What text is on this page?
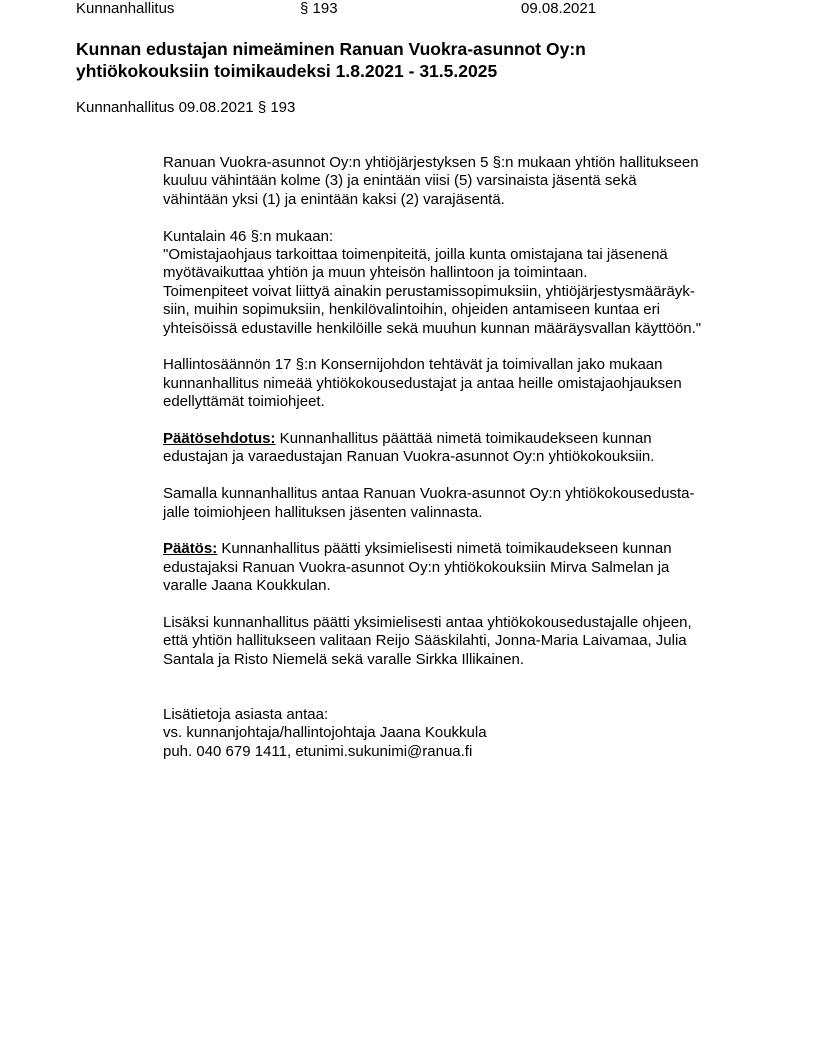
Kunnanhallitus	§ 193	09.08.2021
Kunnan edustajan nimeäminen Ranuan Vuokra-asunnot Oy:n
yhtiökokouksiin toimikaudeksi 1.8.2021 - 31.5.2025
Kunnanhallitus 09.08.2021 § 193

Ranuan Vuokra-asunnot Oy:n yhtiöjärjestyksen 5 §:n mukaan yhtiön hallitukseen
kuuluu vähintään kolme (3) ja enintään viisi (5) varsinaista jäsentä sekä
vähintään yksi (1) ja enintään kaksi (2) varajäsentä.

Kuntalain 46 §:n mukaan:
"Omistajaohjaus tarkoittaa toimenpiteitä, joilla kunta omistajana tai jäsenenä
myötävaikuttaa yhtiön ja muun yhteisön hallintoon ja toimintaan.
Toimenpiteet voivat liittyä ainakin perustamissopimuksiin, yhtiöjärjestysmääräyk-
siin, muihin sopimuksiin, henkilövalintoihin, ohjeiden antamiseen kuntaa eri
yhteisöissä edustaville henkilöille sekä muuhun kunnan määräysvallan käyttöön."

Hallintosäännön 17 §:n Konsernijohdon tehtävät ja toimivallan jako mukaan
kunnanhallitus nimeää yhtiökokousedustajat ja antaa heille omistajaohjauksen
edellyttämät toimiohjeet.

Päätösehdotus: Kunnanhallitus päättää nimetä toimikaudekseen kunnan
edustajan ja varaedustajan Ranuan Vuokra-asunnot Oy:n yhtiökokouksiin.

Samalla kunnanhallitus antaa Ranuan Vuokra-asunnot Oy:n yhtiökokousedusta-
jalle toimiohjeen hallituksen jäsenten valinnasta.

Päätös: Kunnanhallitus päätti yksimielisesti nimetä toimikaudekseen kunnan
edustajaksi Ranuan Vuokra-asunnot Oy:n yhtiökokouksiin Mirva Salmelan ja
varalle Jaana Koukkulan.

Lisäksi kunnanhallitus päätti yksimielisesti antaa yhtiökokousedustajalle ohjeen,
että yhtiön hallitukseen valitaan Reijo Sääskilahti, Jonna-Maria Laivamaa, Julia
Santala ja Risto Niemelä sekä varalle Sirkka Illikainen.

Lisätietoja asiasta antaa:
vs. kunnanjohtaja/hallintojohtaja Jaana Koukkula
puh. 040 679 1411, etunimi.sukunimi@ranua.fi
